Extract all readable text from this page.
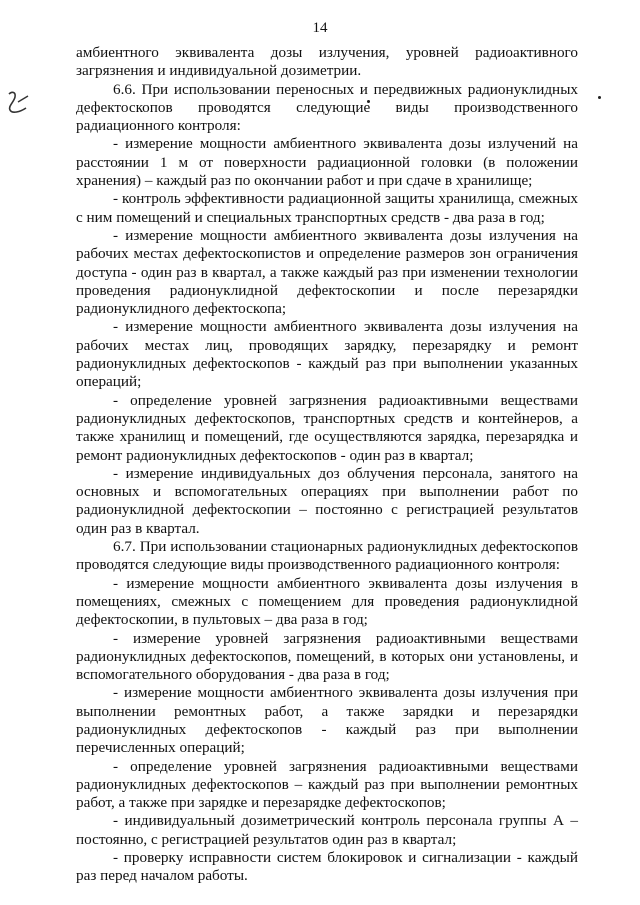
14

амбиентного эквивалента дозы излучения, уровней радиоактивного загрязнения и индивидуальной дозиметрии.

6.6. При использовании переносных и передвижных радионуклидных дефектоскопов проводятся следующие виды производственного радиационного контроля:

- измерение мощности амбиентного эквивалента дозы излучений на расстоянии 1 м от поверхности радиационной головки (в положении хранения) – каждый раз по окончании работ и при сдаче в хранилище;

- контроль эффективности радиационной защиты хранилища, смежных с ним помещений и специальных транспортных средств - два раза в год;

- измерение мощности амбиентного эквивалента дозы излучения на рабочих местах дефектоскопистов и определение размеров зон ограничения доступа - один раз в квартал, а также каждый раз при изменении технологии проведения радионуклидной дефектоскопии и после перезарядки радионуклидного дефектоскопа;

- измерение мощности амбиентного эквивалента дозы излучения на рабочих местах лиц, проводящих зарядку, перезарядку и ремонт радионуклидных дефектоскопов - каждый раз при выполнении указанных операций;

- определение уровней загрязнения радиоактивными веществами радионуклидных дефектоскопов, транспортных средств и контейнеров, а также хранилищ и помещений, где осуществляются зарядка, перезарядка и ремонт радионуклидных дефектоскопов - один раз в квартал;

- измерение индивидуальных доз облучения персонала, занятого на основных и вспомогательных операциях при выполнении работ по радионуклидной дефектоскопии – постоянно с регистрацией результатов один раз в квартал.

6.7. При использовании стационарных радионуклидных дефектоскопов проводятся следующие виды производственного радиационного контроля:

- измерение мощности амбиентного эквивалента дозы излучения в помещениях, смежных с помещением для проведения радионуклидной дефектоскопии, в пультовых – два раза в год;

- измерение уровней загрязнения радиоактивными веществами радионуклидных дефектоскопов, помещений, в которых они установлены, и вспомогательного оборудования - два раза в год;

- измерение мощности амбиентного эквивалента дозы излучения при выполнении ремонтных работ, а также зарядки и перезарядки радионуклидных дефектоскопов - каждый раз при выполнении перечисленных операций;

- определение уровней загрязнения радиоактивными веществами радионуклидных дефектоскопов – каждый раз при выполнении ремонтных работ, а также при зарядке и перезарядке дефектоскопов;

- индивидуальный дозиметрический контроль персонала группы А – постоянно, с регистрацией результатов один раз в квартал;

- проверку исправности систем блокировок и сигнализации - каждый раз перед началом работы.
